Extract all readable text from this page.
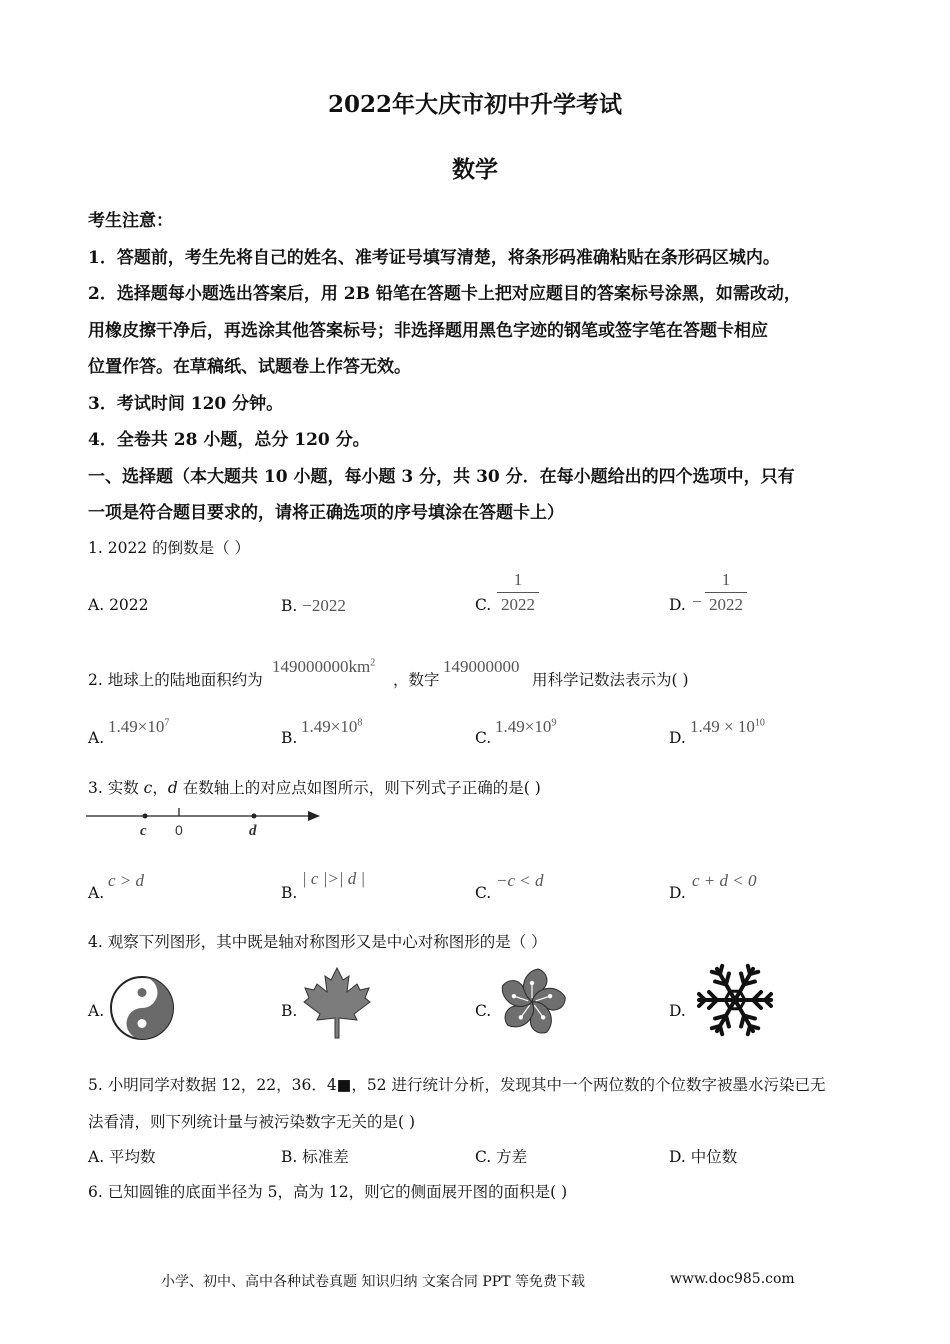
2022年大庆市初中升学考试
数学
考生注意：
1．答题前，考生先将自己的姓名、准考证号填写清楚，将条形码准确粘贴在条形码区城内。
2．选择题每小题选出答案后，用 2B 铅笔在答题卡上把对应题目的答案标号涂黑，如需改动，
用橡皮擦干净后，再选涂其他答案标号；非选择题用黑色字迹的钢笔或签字笔在答题卡相应
位置作答。在草稿纸、试题卷上作答无效。
3．考试时间 120 分钟。
4．全卷共 28 小题，总分 120 分。
一、选择题（本大题共 10 小题，每小题 3 分，共 30 分．在每小题给出的四个选项中，只有
一项是符合题目要求的，请将正确选项的序号填涂在答题卡上）
1. 2022 的倒数是（ ）
A. 2022	B. −2022	C.
1
2022	D. −
1
2022
2. 地球上的陆地面积约为
$149000000km^2$
，数字
149000000
用科学记数法表示为( )
A.
$1.49\times 10^7$
B.
$1.49\times 10^8$
C.
$1.49\times 10^9$
D.
$1.49 \times 10^{10}$
3. 实数 c，d 在数轴上的对应点如图所示，则下列式子正确的是( )
c 0	d
A.
c > d
B.
| c |>| d |
C.
−c < d
D.
c + d < 0
4. 观察下列图形，其中既是轴对称图形又是中心对称图形的是（ ）
A.	B.	C.	D.
5. 小明同学对数据 12，22，36．4■，52 进行统计分析，发现其中一个两位数的个位数字被墨水污染已无
法看清，则下列统计量与被污染数字无关的是( )
A. 平均数	B. 标准差	C. 方差	D. 中位数
6. 已知圆锥的底面半径为 5，高为 12，则它的侧面展开图的面积是( )
小学、初中、高中各种试卷真题 知识归纳 文案合同 PPT 等免费下载	www.doc985.com
